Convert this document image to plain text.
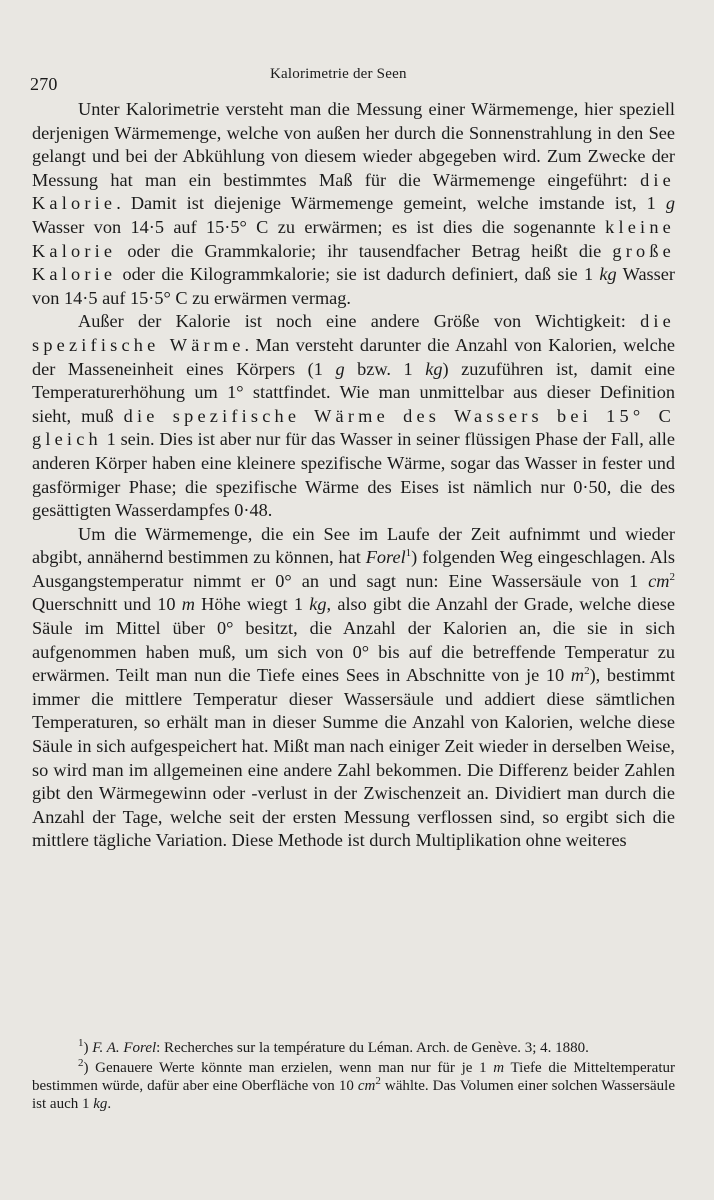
270	Kalorimetrie der Seen

Unter Kalorimetrie versteht man die Messung einer Wärmemenge, hier speziell derjenigen Wärmemenge, welche von außen her durch die Sonnenstrahlung in den See gelangt und bei der Abkühlung von diesem wieder abgegeben wird. Zum Zwecke der Messung hat man ein bestimmtes Maß für die Wärmemenge eingeführt: die Kalorie. Damit ist diejenige Wärmemenge gemeint, welche imstande ist, 1 g Wasser von 14·5 auf 15·5° C zu erwärmen; es ist dies die sogenannte kleine Kalorie oder die Grammkalorie; ihr tausendfacher Betrag heißt die große Kalorie oder die Kilogrammkalorie; sie ist dadurch definiert, daß sie 1 kg Wasser von 14·5 auf 15·5° C zu erwärmen vermag.

Außer der Kalorie ist noch eine andere Größe von Wichtigkeit: die spezifische Wärme. Man versteht darunter die Anzahl von Kalorien, welche der Masseneinheit eines Körpers (1 g bzw. 1 kg) zuzuführen ist, damit eine Temperaturerhöhung um 1° stattfindet. Wie man unmittelbar aus dieser Definition sieht, muß die spezifische Wärme des Wassers bei 15° C gleich 1 sein. Dies ist aber nur für das Wasser in seiner flüssigen Phase der Fall, alle anderen Körper haben eine kleinere spezifische Wärme, sogar das Wasser in fester und gasförmiger Phase; die spezifische Wärme des Eises ist nämlich nur 0·50, die des gesättigten Wasserdampfes 0·48.

Um die Wärmemenge, die ein See im Laufe der Zeit aufnimmt und wieder abgibt, annähernd bestimmen zu können, hat Forel$^1$) folgenden Weg eingeschlagen. Als Ausgangstemperatur nimmt er 0° an und sagt nun: Eine Wassersäule von 1 $cm^2$ Querschnitt und 10 m Höhe wiegt 1 kg, also gibt die Anzahl der Grade, welche diese Säule im Mittel über 0° besitzt, die Anzahl der Kalorien an, die sie in sich aufgenommen haben muß, um sich von 0° bis auf die betreffende Temperatur zu erwärmen. Teilt man nun die Tiefe eines Sees in Abschnitte von je 10 $m^2$), bestimmt immer die mittlere Temperatur dieser Wassersäule und addiert diese sämtlichen Temperaturen, so erhält man in dieser Summe die Anzahl von Kalorien, welche diese Säule in sich aufgespeichert hat. Mißt man nach einiger Zeit wieder in derselben Weise, so wird man im allgemeinen eine andere Zahl bekommen. Die Differenz beider Zahlen gibt den Wärmegewinn oder -verlust in der Zwischenzeit an. Dividiert man durch die Anzahl der Tage, welche seit der ersten Messung verflossen sind, so ergibt sich die mittlere tägliche Variation. Diese Methode ist durch Multiplikation ohne weiteres

$^1$) F. A. Forel: Recherches sur la température du Léman. Arch. de Genève. 3; 4. 1880.

$^2$) Genauere Werte könnte man erzielen, wenn man nur für je 1 m Tiefe die Mitteltemperatur bestimmen würde, dafür aber eine Oberfläche von 10 $cm^2$ wählte. Das Volumen einer solchen Wassersäule ist auch 1 kg.
